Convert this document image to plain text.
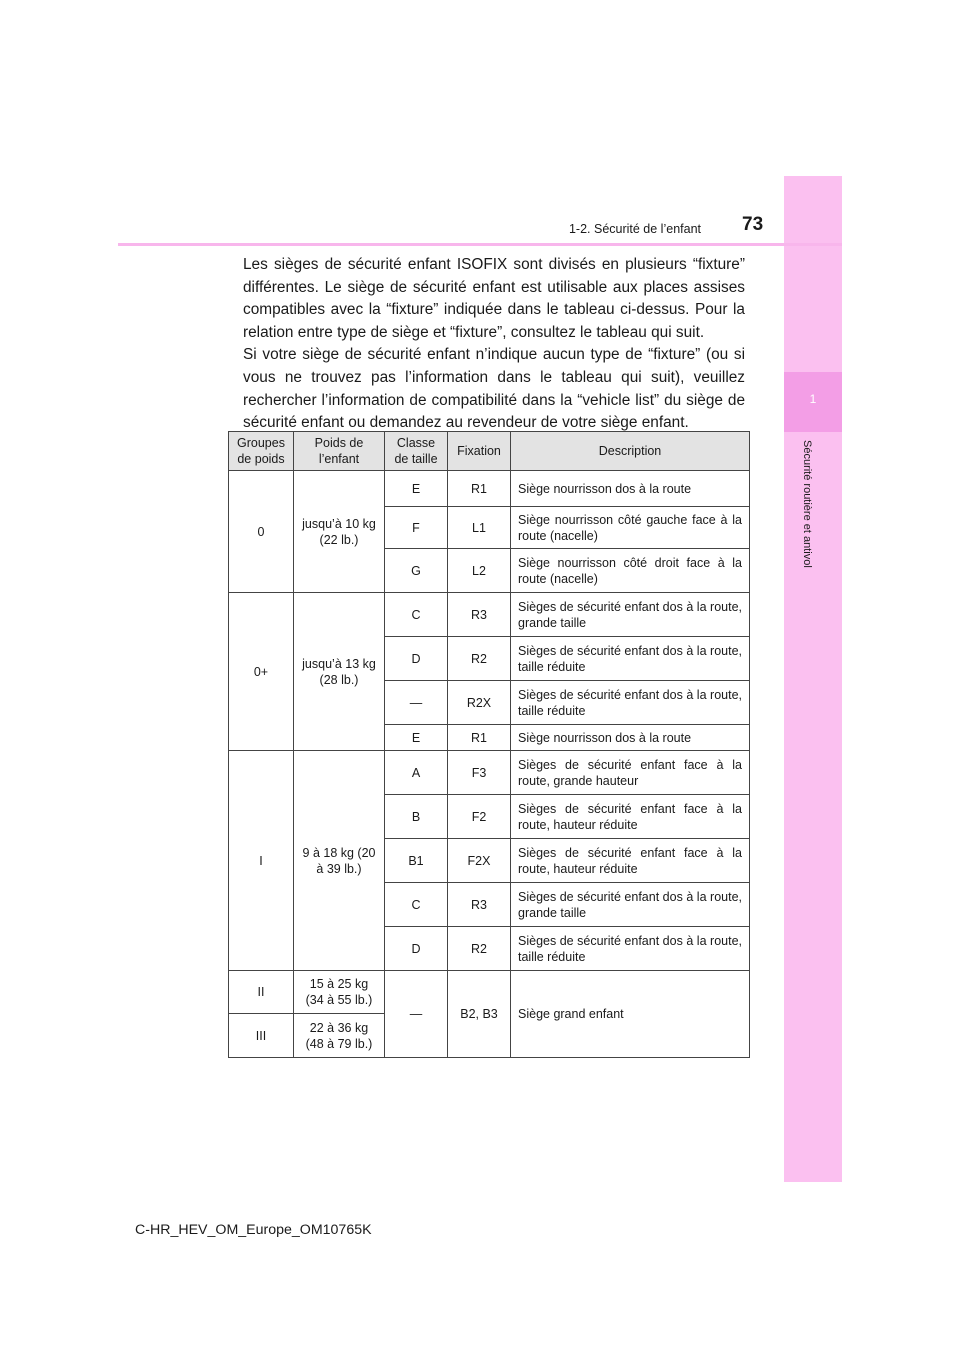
1
Sécurité routière et antivol
1-2. Sécurité de l’enfant 73

Les sièges de sécurité enfant ISOFIX sont divisés en plusieurs “fixture” différentes. Le siège de sécurité enfant est utilisable aux places assises compatibles avec la “fixture” indiquée dans le tableau ci-dessus. Pour la relation entre type de siège et “fixture”, consultez le tableau qui suit.

Si votre siège de sécurité enfant n’indique aucun type de “fixture” (ou si vous ne trouvez pas l’information dans le tableau qui suit), veuillez rechercher l’information de compatibilité dans la “vehicle list” du siège de sécurité enfant ou demandez au revendeur de votre siège enfant.

Groupes de poids	Poids de l’enfant	Classe de taille	Fixation	Description
0	jusqu’à 10 kg (22 lb.)	E	R1	Siège nourrisson dos à la route
		F	L1	Siège nourrisson côté gauche face à la route (nacelle)
		G	L2	Siège nourrisson côté droit face à la route (nacelle)
0+	jusqu’à 13 kg (28 lb.)	C	R3	Sièges de sécurité enfant dos à la route, grande taille
		D	R2	Sièges de sécurité enfant dos à la route, taille réduite
		—	R2X	Sièges de sécurité enfant dos à la route, taille réduite
		E	R1	Siège nourrisson dos à la route
I	9 à 18 kg (20 à 39 lb.)	A	F3	Sièges de sécurité enfant face à la route, grande hauteur
		B	F2	Sièges de sécurité enfant face à la route, hauteur réduite
		B1	F2X	Sièges de sécurité enfant face à la route, hauteur réduite
		C	R3	Sièges de sécurité enfant dos à la route, grande taille
		D	R2	Sièges de sécurité enfant dos à la route, taille réduite
II	15 à 25 kg (34 à 55 lb.)	—	B2, B3	Siège grand enfant
III	22 à 36 kg (48 à 79 lb.)			
C-HR_HEV_OM_Europe_OM10765K
